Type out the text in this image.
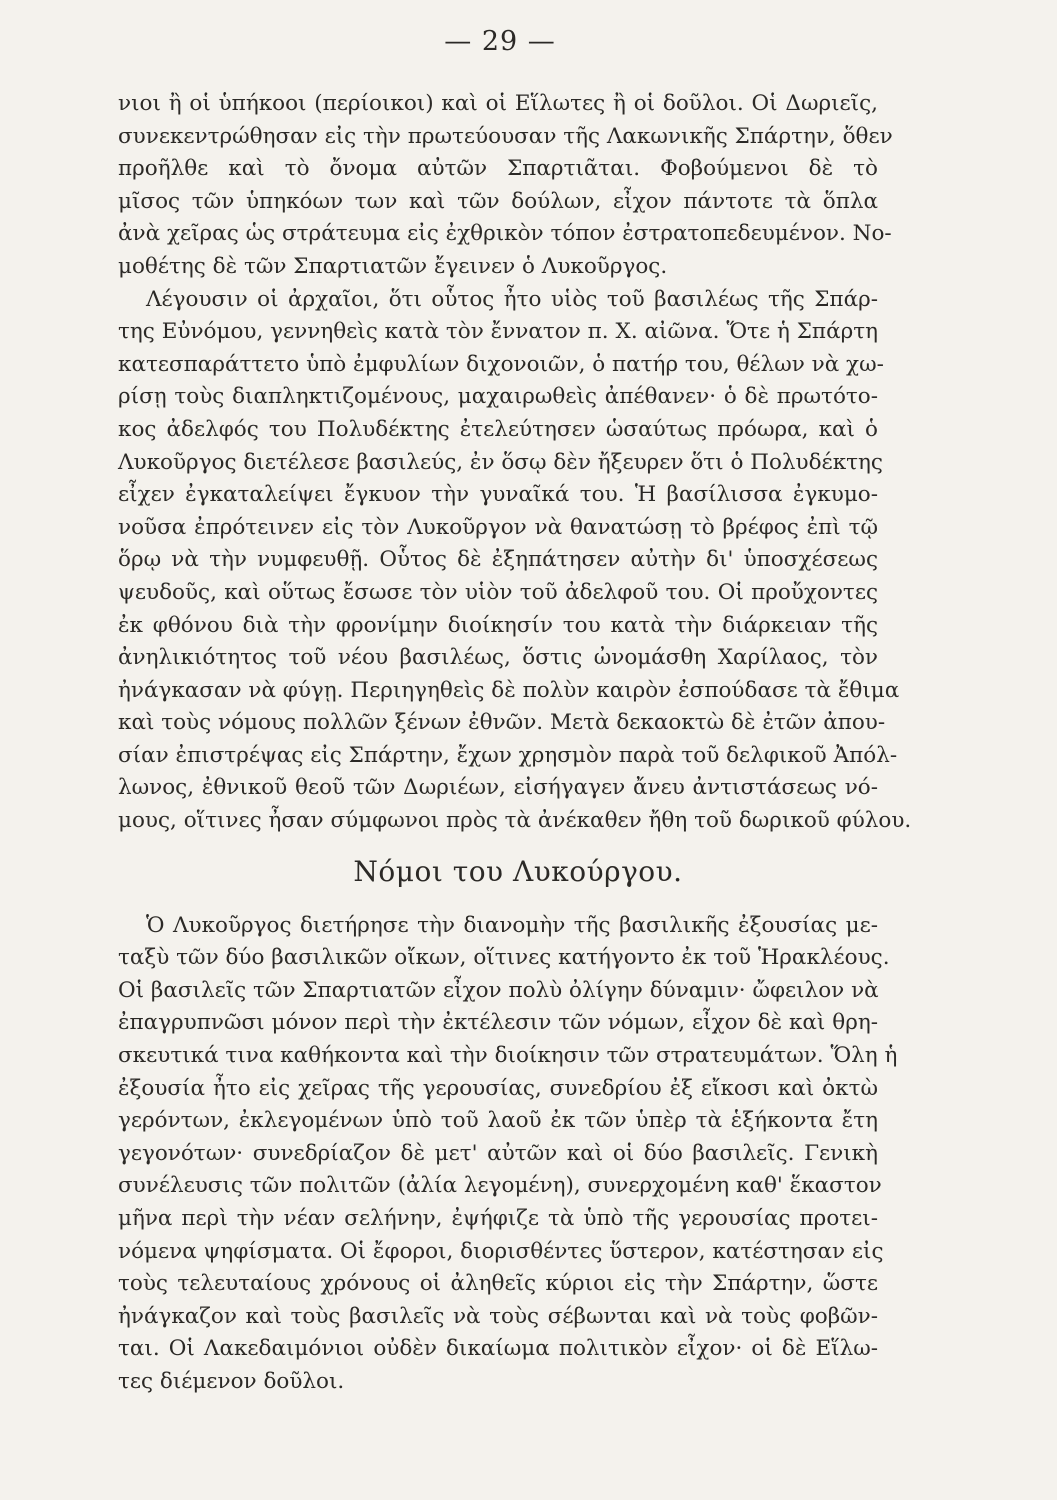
— 29 —
νιοι ἢ οἱ ὑπήκοοι (περίοικοι) καὶ οἱ Εἵλωτες ἢ οἱ δοῦλοι. Οἱ Δωριεῖς,
συνεκεντρώθησαν εἰς τὴν πρωτεύουσαν τῆς Λακωνικῆς Σπάρτην, ὅθεν
προῆλθε καὶ τὸ ὄνομα αὐτῶν Σπαρτιᾶται. Φοβούμενοι δὲ τὸ
μῖσος τῶν ὑπηκόων των καὶ τῶν δούλων, εἶχον πάντοτε τὰ ὅπλα
ἀνὰ χεῖρας ὡς στράτευμα εἰς ἐχθρικὸν τόπον ἐστρατοπεδευμένον. Νο-
μοθέτης δὲ τῶν Σπαρτιατῶν ἔγεινεν ὁ Λυκοῦργος.
Λέγουσιν οἱ ἀρχαῖοι, ὅτι οὗτος ἦτο υἱὸς τοῦ βασιλέως τῆς Σπάρ-
της Εὐνόμου, γεννηθεὶς κατὰ τὸν ἔννατον π. Χ. αἰῶνα. Ὅτε ἡ Σπάρτη
κατεσπαράττετο ὑπὸ ἐμφυλίων διχονοιῶν, ὁ πατήρ του, θέλων νὰ χω-
ρίσῃ τοὺς διαπληκτιζομένους, μαχαιρωθεὶς ἀπέθανεν· ὁ δὲ πρωτότο-
κος ἀδελφός του Πολυδέκτης ἐτελεύτησεν ὡσαύτως πρόωρα, καὶ ὁ
Λυκοῦργος διετέλεσε βασιλεύς, ἐν ὅσῳ δὲν ἤξευρεν ὅτι ὁ Πολυδέκτης
εἶχεν ἐγκαταλείψει ἔγκυον τὴν γυναῖκά του. Ἡ βασίλισσα ἐγκυμο-
νοῦσα ἐπρότεινεν εἰς τὸν Λυκοῦργον νὰ θανατώσῃ τὸ βρέφος ἐπὶ τῷ
ὅρῳ νὰ τὴν νυμφευθῇ. Οὗτος δὲ ἐξηπάτησεν αὐτὴν δι' ὑποσχέσεως
ψευδοῦς, καὶ οὕτως ἔσωσε τὸν υἱὸν τοῦ ἀδελφοῦ του. Οἱ προὔχοντες
ἐκ φθόνου διὰ τὴν φρονίμην διοίκησίν του κατὰ τὴν διάρκειαν τῆς
ἀνηλικιότητος τοῦ νέου βασιλέως, ὅστις ὠνομάσθη Χαρίλαος, τὸν
ἠνάγκασαν νὰ φύγῃ. Περιηγηθεὶς δὲ πολὺν καιρὸν ἐσπούδασε τὰ ἔθιμα
καὶ τοὺς νόμους πολλῶν ξένων ἐθνῶν. Μετὰ δεκαοκτὼ δὲ ἐτῶν ἀπου-
σίαν ἐπιστρέψας εἰς Σπάρτην, ἔχων χρησμὸν παρὰ τοῦ δελφικοῦ Ἀπόλ-
λωνος, ἐθνικοῦ θεοῦ τῶν Δωριέων, εἰσήγαγεν ἄνευ ἀντιστάσεως νό-
μους, οἵτινες ἦσαν σύμφωνοι πρὸς τὰ ἀνέκαθεν ἤθη τοῦ δωρικοῦ φύλου.
Νόμοι του Λυκούργου.
Ὁ Λυκοῦργος διετήρησε τὴν διανομὴν τῆς βασιλικῆς ἐξουσίας με-
ταξὺ τῶν δύο βασιλικῶν οἴκων, οἵτινες κατήγοντο ἐκ τοῦ Ἡρακλέους.
Οἱ βασιλεῖς τῶν Σπαρτιατῶν εἶχον πολὺ ὀλίγην δύναμιν· ὤφειλον νὰ
ἐπαγρυπνῶσι μόνον περὶ τὴν ἐκτέλεσιν τῶν νόμων, εἶχον δὲ καὶ θρη-
σκευτικά τινα καθήκοντα καὶ τὴν διοίκησιν τῶν στρατευμάτων. Ὅλη ἡ
ἐξουσία ἦτο εἰς χεῖρας τῆς γερουσίας, συνεδρίου ἐξ εἴκοσι καὶ ὀκτὼ
γερόντων, ἐκλεγομένων ὑπὸ τοῦ λαοῦ ἐκ τῶν ὑπὲρ τὰ ἑξήκοντα ἔτη
γεγονότων· συνεδρίαζον δὲ μετ' αὐτῶν καὶ οἱ δύο βασιλεῖς. Γενικὴ
συνέλευσις τῶν πολιτῶν (ἀλία λεγομένη), συνερχομένη καθ' ἕκαστον
μῆνα περὶ τὴν νέαν σελήνην, ἐψήφιζε τὰ ὑπὸ τῆς γερουσίας προτει-
νόμενα ψηφίσματα. Οἱ ἔφοροι, διορισθέντες ὕστερον, κατέστησαν εἰς
τοὺς τελευταίους χρόνους οἱ ἀληθεῖς κύριοι εἰς τὴν Σπάρτην, ὥστε
ἠνάγκαζον καὶ τοὺς βασιλεῖς νὰ τοὺς σέβωνται καὶ νὰ τοὺς φοβῶν-
ται. Οἱ Λακεδαιμόνιοι οὐδὲν δικαίωμα πολιτικὸν εἶχον· οἱ δὲ Εἵλω-
τες διέμενον δοῦλοι.
